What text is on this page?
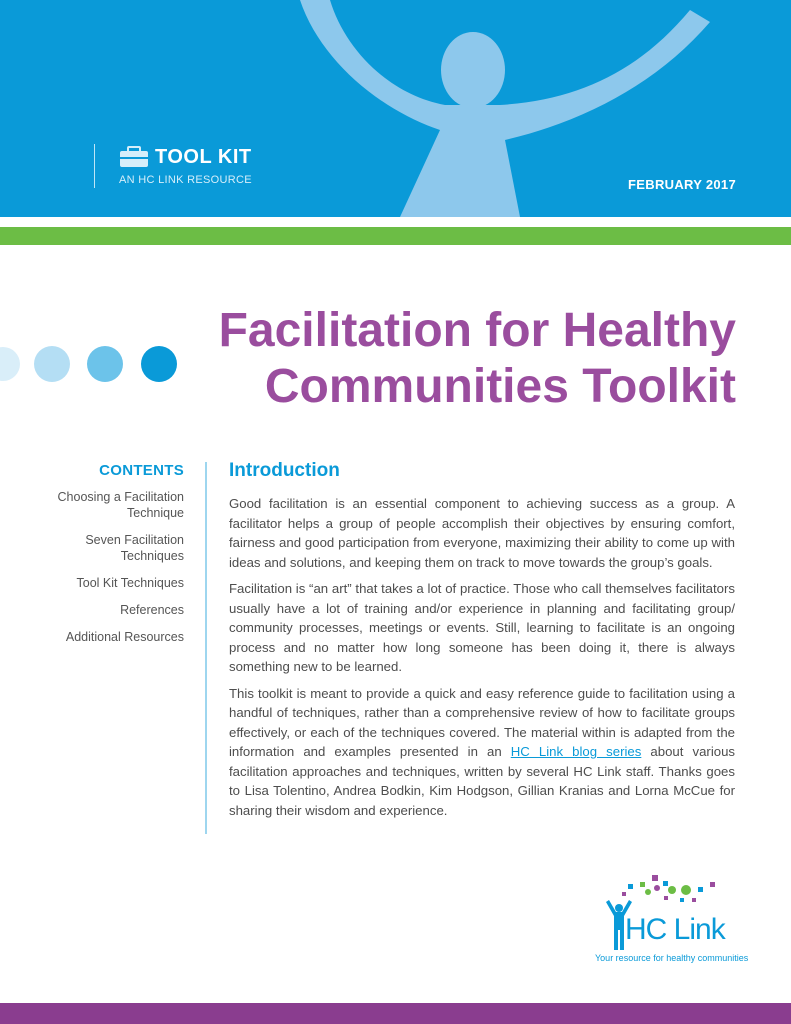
TOOL KIT
AN HC LINK RESOURCE	FEBRUARY 2017
Facilitation for Healthy
Communities Toolkit
CONTENTS
Choosing a Facilitation Technique
Seven Facilitation Techniques
Tool Kit Techniques
References
Additional Resources
Introduction

Good facilitation is an essential component to achieving success as a group. A facilitator helps a group of people accomplish their objectives by ensuring comfort, fairness and good participation from everyone, maximizing their ability to come up with ideas and solutions, and keeping them on track to move towards the group’s goals.

Facilitation is “an art” that takes a lot of practice. Those who call themselves facilitators usually have a lot of training and/or experience in planning and facilitating group/ community processes, meetings or events. Still, learning to facilitate is an ongoing process and no matter how long someone has been doing it, there is always something new to be learned.

This toolkit is meant to provide a quick and easy reference guide to facilitation using a handful of techniques, rather than a comprehensive review of how to facilitate groups effectively, or each of the techniques covered. The material within is adapted from the information and examples presented in an HC Link blog series about various facilitation approaches and techniques, written by several HC Link staff. Thanks goes to Lisa Tolentino, Andrea Bodkin, Kim Hodgson, Gillian Kranias and Lorna McCue for sharing their wisdom and experience.

HC Link
Your resource for healthy communities
